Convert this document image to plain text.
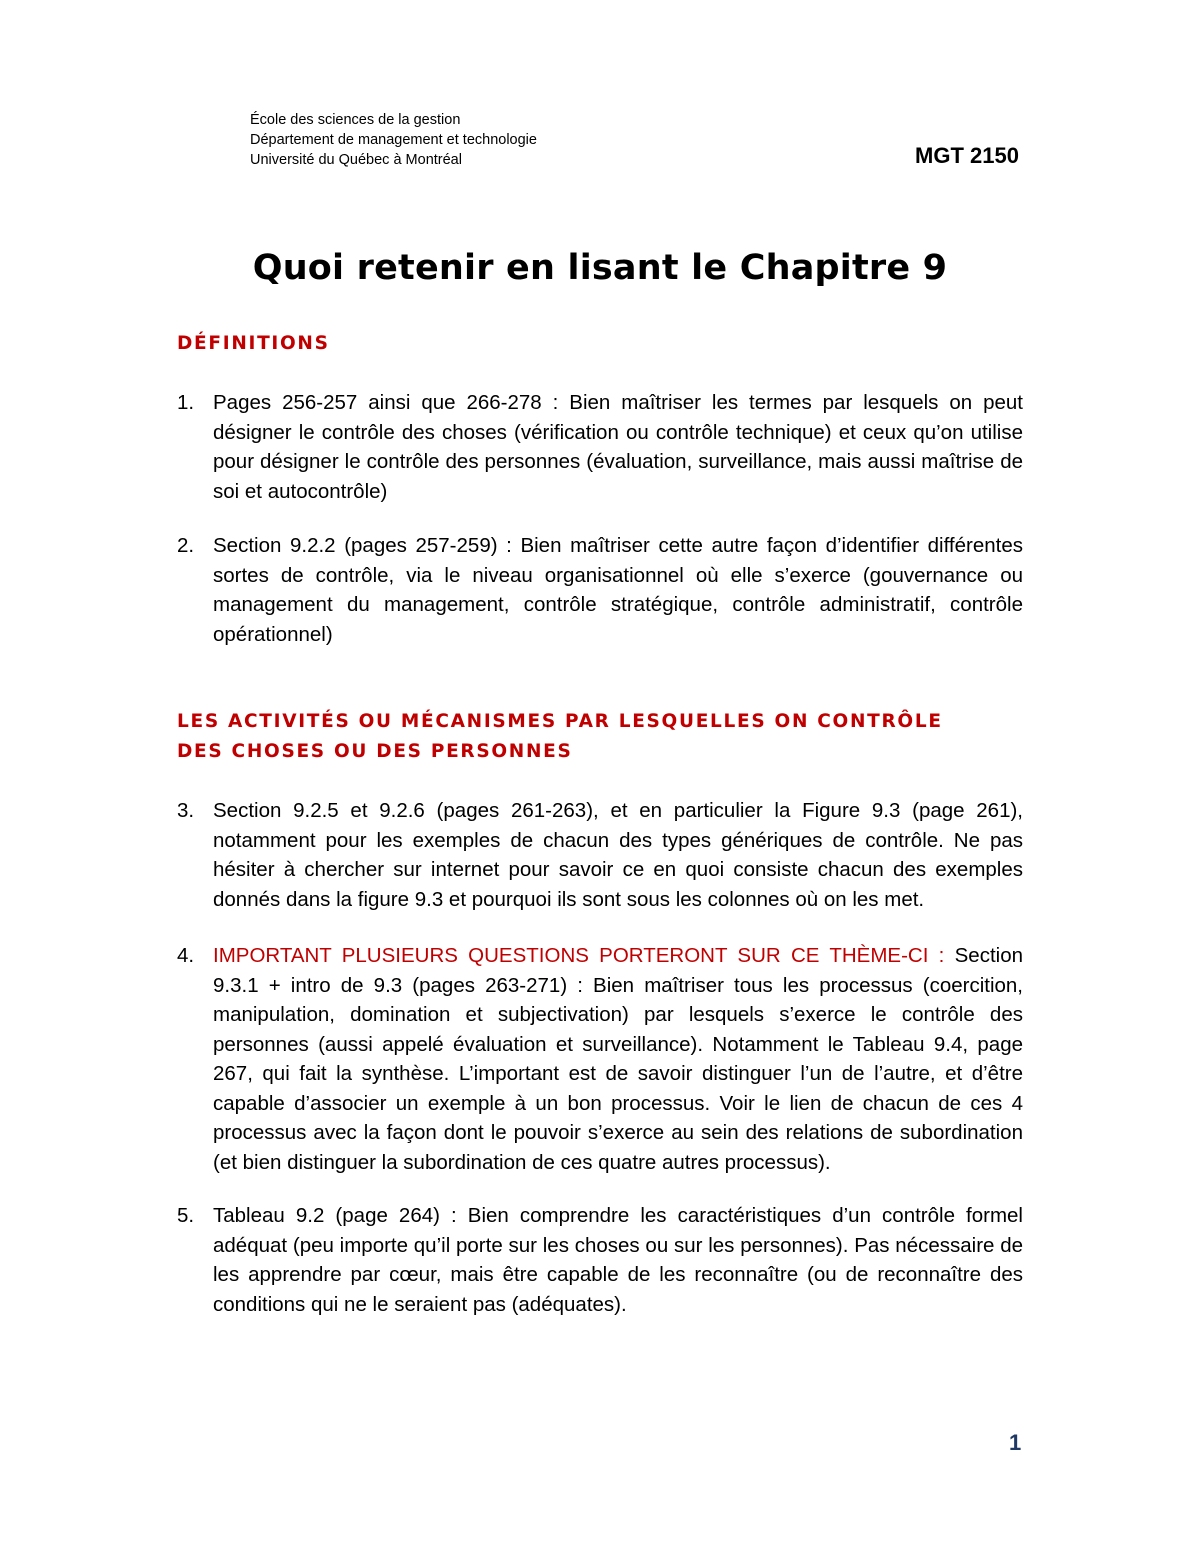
École des sciences de la gestion
Département de management et technologie
Université du Québec à Montréal	MGT 2150
Quoi retenir en lisant le Chapitre 9
DÉFINITIONS
1. Pages 256-257 ainsi que 266-278 : Bien maîtriser les termes par lesquels on peut désigner le contrôle des choses (vérification ou contrôle technique) et ceux qu’on utilise pour désigner le contrôle des personnes (évaluation, surveillance, mais aussi maîtrise de soi et autocontrôle)
2. Section 9.2.2 (pages 257-259) : Bien maîtriser cette autre façon d’identifier différentes sortes de contrôle, via le niveau organisationnel où elle s’exerce (gouvernance ou management du management, contrôle stratégique, contrôle administratif, contrôle opérationnel)
LES ACTIVITÉS OU MÉCANISMES PAR LESQUELLES ON CONTRÔLE
DES CHOSES OU DES PERSONNES
3. Section 9.2.5 et 9.2.6 (pages 261-263), et en particulier la Figure 9.3 (page 261), notamment pour les exemples de chacun des types génériques de contrôle. Ne pas hésiter à chercher sur internet pour savoir ce en quoi consiste chacun des exemples donnés dans la figure 9.3 et pourquoi ils sont sous les colonnes où on les met.
4. IMPORTANT PLUSIEURS QUESTIONS PORTERONT SUR CE THÈME-CI : Section 9.3.1 + intro de 9.3 (pages 263-271) : Bien maîtriser tous les processus (coercition, manipulation, domination et subjectivation) par lesquels s’exerce le contrôle des personnes (aussi appelé évaluation et surveillance). Notamment le Tableau 9.4, page 267, qui fait la synthèse. L’important est de savoir distinguer l’un de l’autre, et d’être capable d’associer un exemple à un bon processus. Voir le lien de chacun de ces 4 processus avec la façon dont le pouvoir s’exerce au sein des relations de subordination (et bien distinguer la subordination de ces quatre autres processus).
5. Tableau 9.2 (page 264) : Bien comprendre les caractéristiques d’un contrôle formel adéquat (peu importe qu’il porte sur les choses ou sur les personnes). Pas nécessaire de les apprendre par cœur, mais être capable de les reconnaître (ou de reconnaître des conditions qui ne le seraient pas (adéquates).
1
